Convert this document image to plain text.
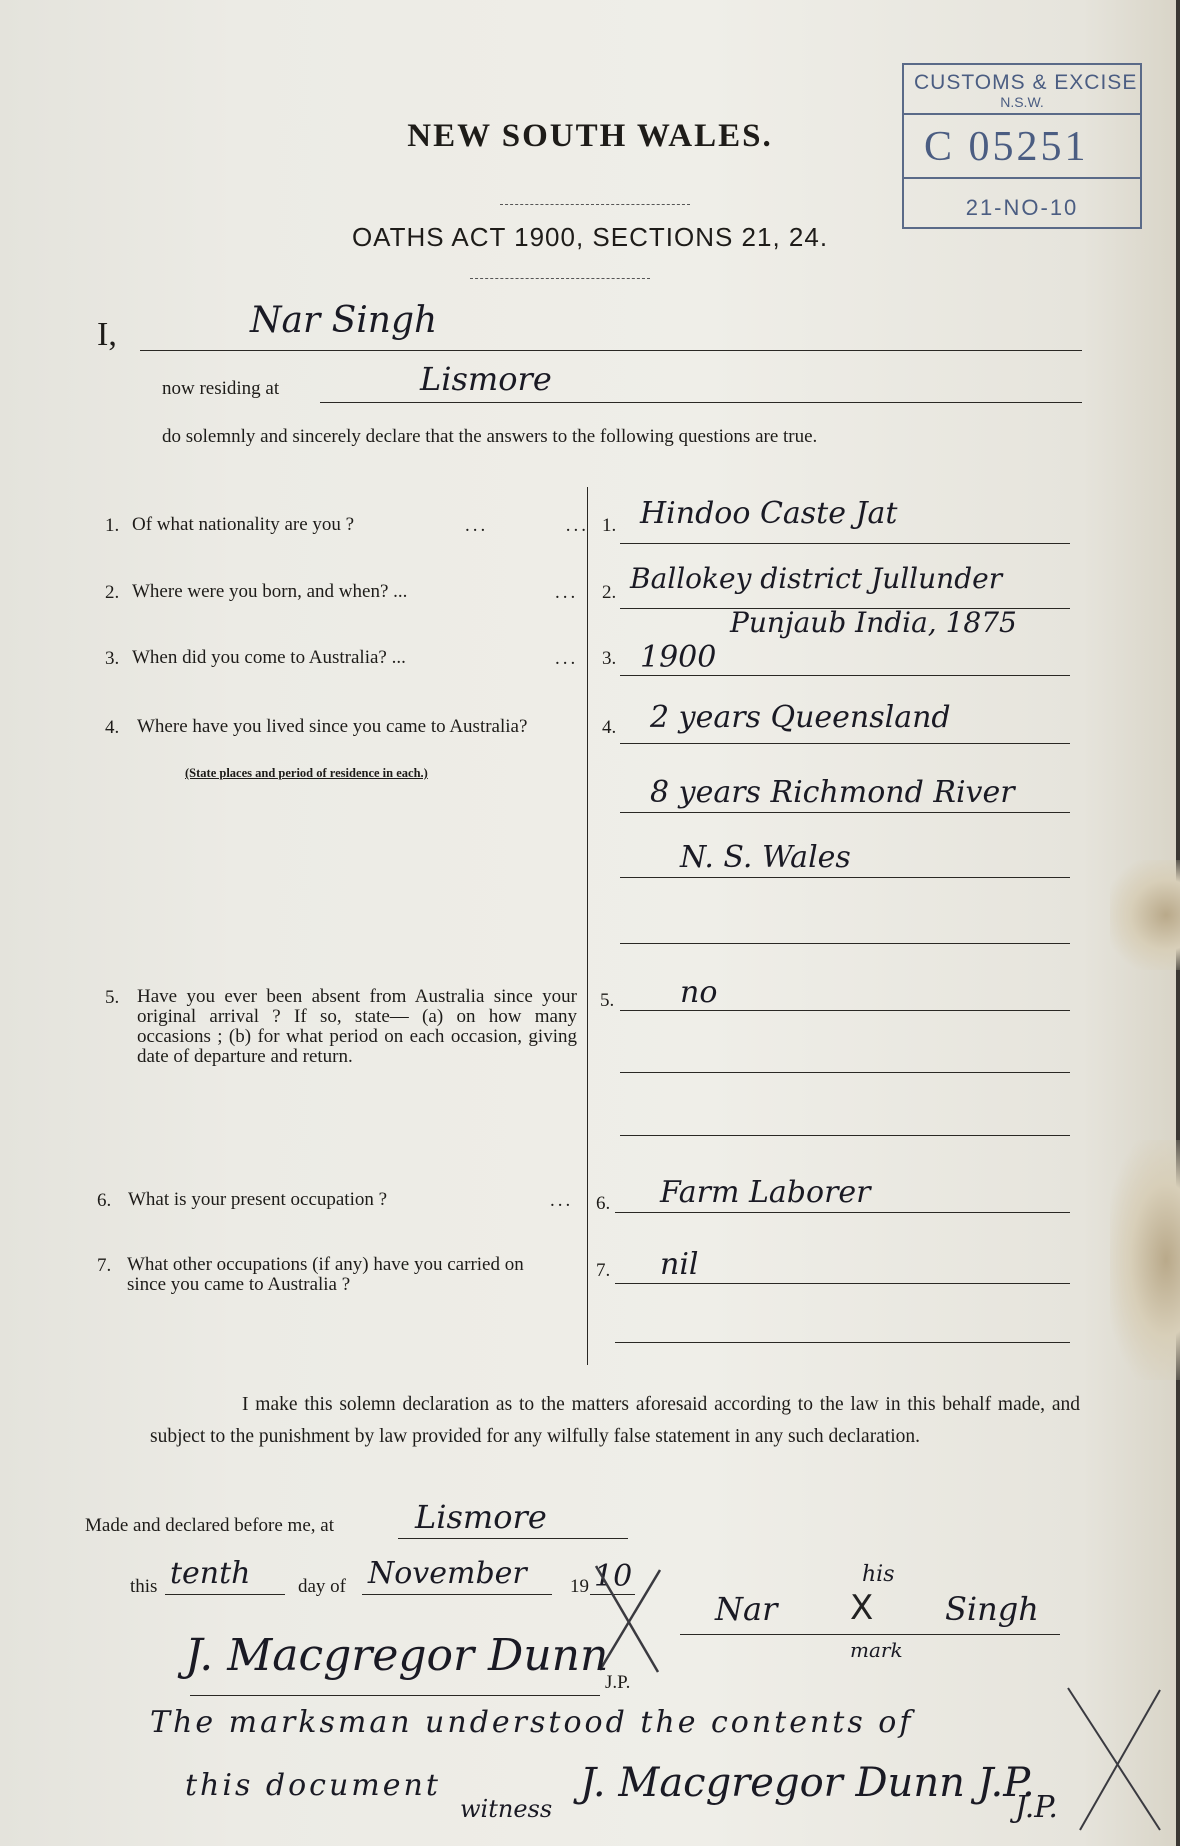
CUSTOMS & EXCISE
N.S.W.
C 05251
21-NO-10
NEW SOUTH WALES.
OATHS ACT 1900, SECTIONS 21, 24.
I,	Nar Singh
now residing at	Lismore
do solemnly and sincerely declare that the answers to the following questions are true.
1. Of what nationality are you ?	...          ... 1. Hindoo Caste Jat
2. Where were you born, and when? ...	... 2. Ballokey district Jullunder
Punjaub India, 1875
3. When did you come to Australia? ...	... 3. 1900
4. Where have you lived since you came to Australia?
(State places and period of residence in each.)
4. 2 years Queensland
8 years Richmond River
N. S. Wales
5. Have you ever been absent from Australia since your original arrival ? If so, state— (a) on how many occasions ; (b) for what period on each occasion, giving date of departure and return.
5. no
6. What is your present occupation ?	... 6. Farm Laborer
7. What other occupations (if any) have you carried on since you came to Australia ?
7. nil
I make this solemn declaration as to the matters aforesaid according to the law in this behalf made, and subject to the punishment by law provided for any wilfully false statement in any such declaration.
Made and declared before me, at	Lismore
this tenth day of November 19 10	his
Nar X Singh
mark
J. Macgregor Dunn
J.P.
The marksman understood the contents of
this document
witness
J. Macgregor Dunn J.P.
J.P.
